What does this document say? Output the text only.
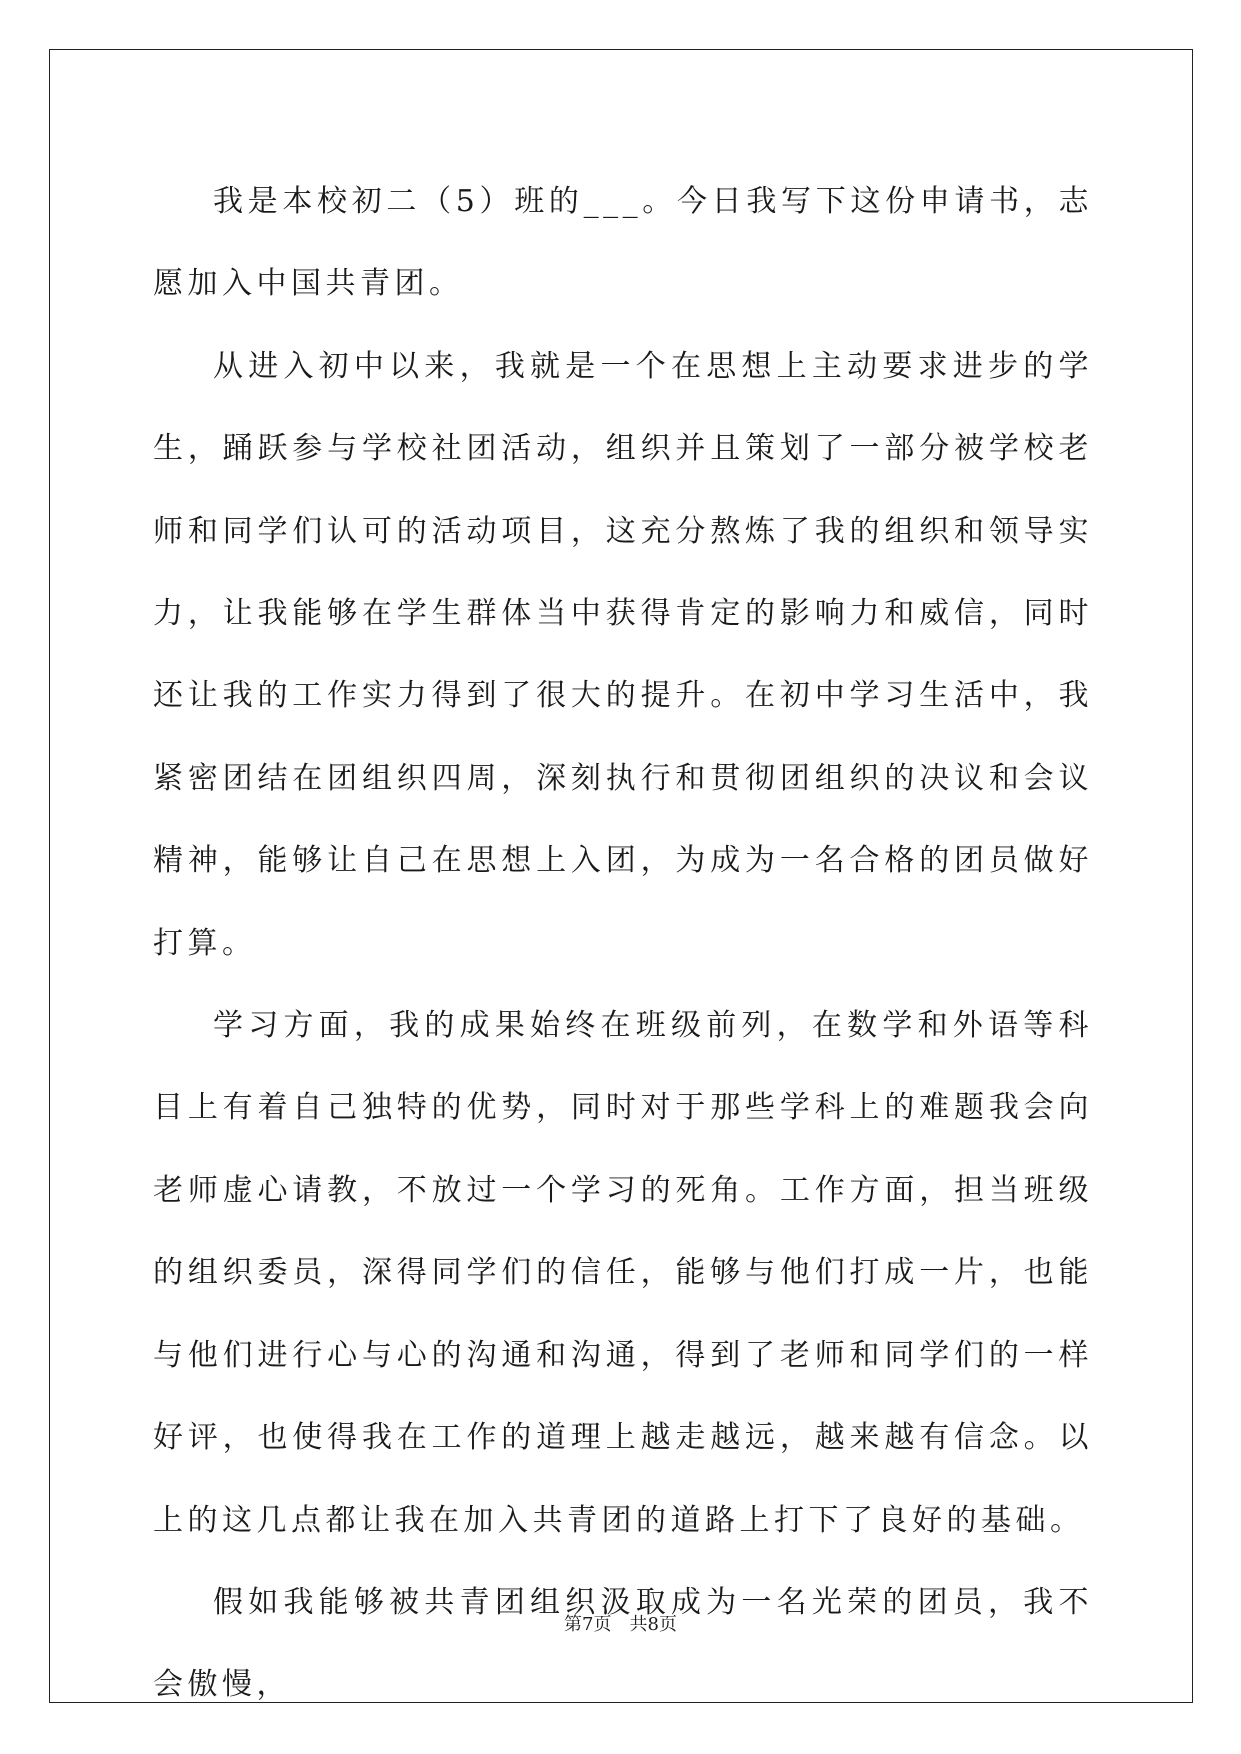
我是本校初二（5）班的___。今日我写下这份申请书，志愿加入中国共青团。

从进入初中以来，我就是一个在思想上主动要求进步的学生，踊跃参与学校社团活动，组织并且策划了一部分被学校老师和同学们认可的活动项目，这充分熬炼了我的组织和领导实力，让我能够在学生群体当中获得肯定的影响力和威信，同时还让我的工作实力得到了很大的提升。在初中学习生活中，我紧密团结在团组织四周，深刻执行和贯彻团组织的决议和会议精神，能够让自己在思想上入团，为成为一名合格的团员做好打算。

学习方面，我的成果始终在班级前列，在数学和外语等科目上有着自己独特的优势，同时对于那些学科上的难题我会向老师虚心请教，不放过一个学习的死角。工作方面，担当班级的组织委员，深得同学们的信任，能够与他们打成一片，也能与他们进行心与心的沟通和沟通，得到了老师和同学们的一样好评，也使得我在工作的道理上越走越远，越来越有信念。以上的这几点都让我在加入共青团的道路上打下了良好的基础。

假如我能够被共青团组织汲取成为一名光荣的团员，我不会傲慢，

第7页 共8页
